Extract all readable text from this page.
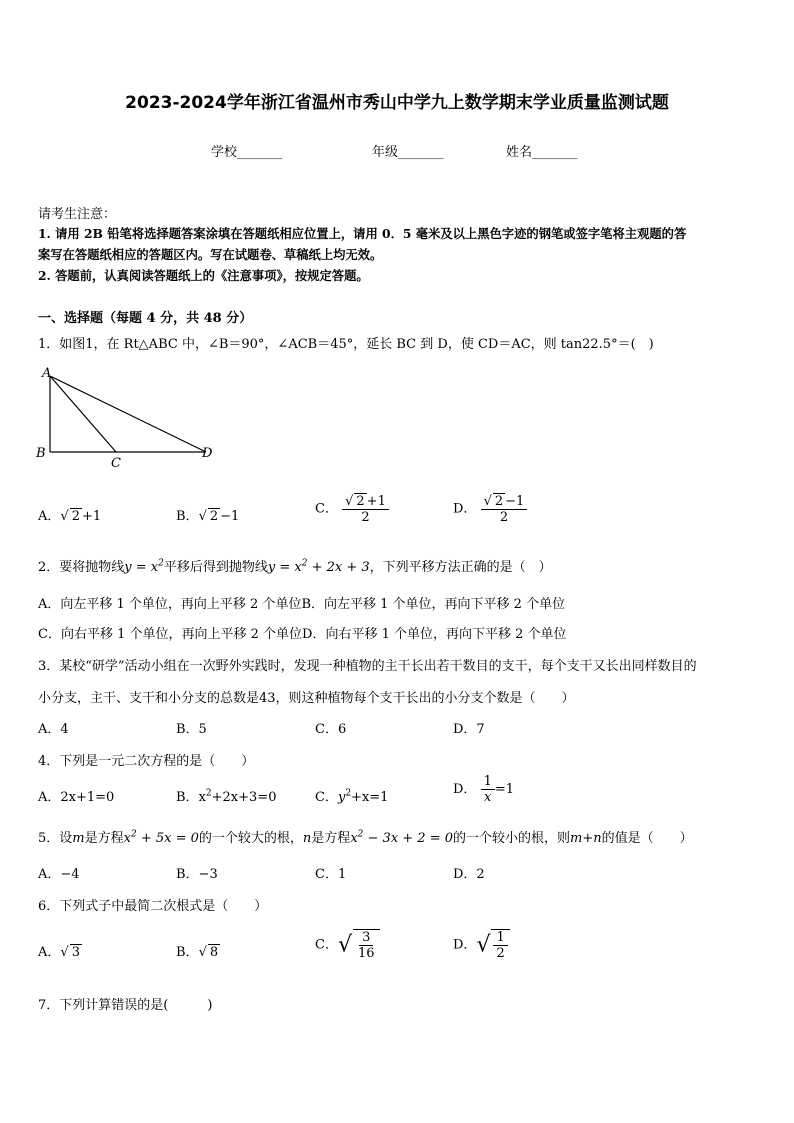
2023-2024学年浙江省温州市秀山中学九上数学期末学业质量监测试题
学校_______	年级_______	姓名_______
请考生注意：
1. 请用 2B 铅笔将选择题答案涂填在答题纸相应位置上，请用 0．5 毫米及以上黑色字迹的钢笔或签字笔将主观题的答
案写在答题纸相应的答题区内。写在试题卷、草稿纸上均无效。
2. 答题前，认真阅读答题纸上的《注意事项》，按规定答题。
一、选择题（每题 4 分，共 48 分）
1．如图1，在 Rt△ABC 中，∠B＝90°，∠ACB＝45°，延长 BC 到 D，使 CD＝AC，则 tan22.5°＝(　)
A
B
C
D
A．√ 2 +1	B．√ 2 −1	C． $\frac{√ 2 +1}{2}$	D． $\frac{√ 2 -1}{2}$
2．要将抛物线$y = x^2$平移后得到抛物线$y = x^2 + 2x + 3$，下列平移方法正确的是（　）
A．向左平移 1 个单位，再向上平移 2 个单位B．向左平移 1 个单位，再向下平移 2 个单位
C．向右平移 1 个单位，再向上平移 2 个单位D．向右平移 1 个单位，再向下平移 2 个单位
3．某校“研学”活动小组在一次野外实践时，发现一种植物的主干长出若干数目的支干，每个支干又长出同样数目的
小分支，主干、支干和小分支的总数是43，则这种植物每个支干长出的小分支个数是（　　）
A．4	B．5	C．6	D．7
4．下列是一元二次方程的是（　　）
A．2x+1=0	B．$x^2+2x+3=0$	C．$y^2+x=1$
D． $\frac{1}{x} =1$
5．设m是方程$x^2 + 5x = 0$的一个较大的根，n是方程$x^2 - 3x + 2 = 0$的一个较小的根，则m+n的值是（　　）
A．−4	B．−3	C．1	D．2
6．下列式子中最简二次根式是（　　）
A．√ 3	B．√ 8	C．√ $\frac{3}{16}$	D．√ $\frac{1}{2}$
7．下列计算错误的是(　　　)
